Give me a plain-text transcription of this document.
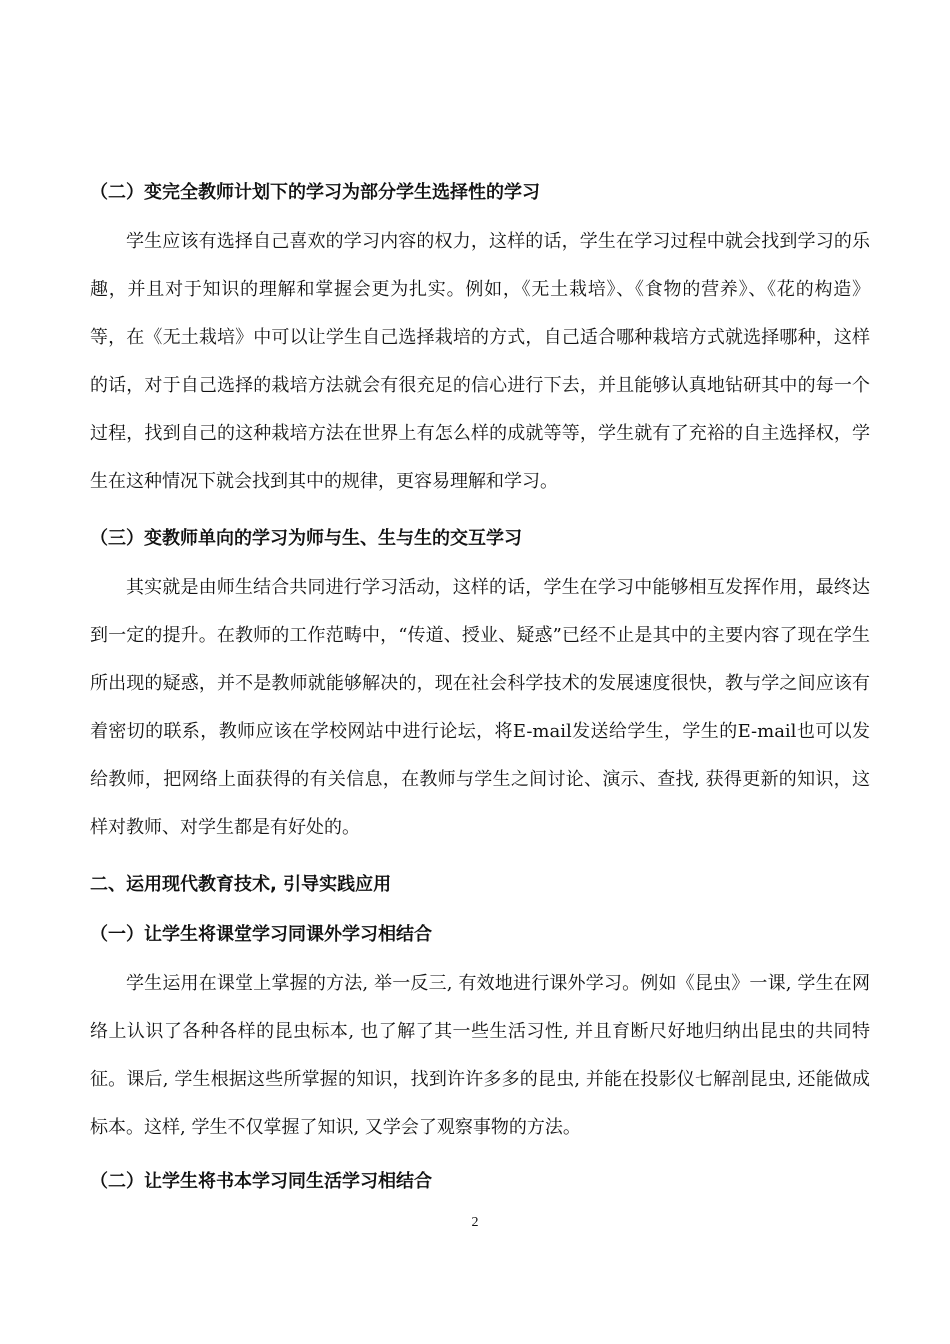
（二）变完全教师计划下的学习为部分学生选择性的学习
学生应该有选择自己喜欢的学习内容的权力，这样的话，学生在学习过程中就会找到学习的乐趣，并且对于知识的理解和掌握会更为扎实。例如，《无土栽培》、《食物的营养》、《花的构造》等，在《无土栽培》中可以让学生自己选择栽培的方式，自己适合哪种栽培方式就选择哪种，这样的话，对于自己选择的栽培方法就会有很充足的信心进行下去，并且能够认真地钻研其中的每一个过程，找到自己的这种栽培方法在世界上有怎么样的成就等等，学生就有了充裕的自主选择权，学生在这种情况下就会找到其中的规律，更容易理解和学习。
（三）变教师单向的学习为师与生、生与生的交互学习
其实就是由师生结合共同进行学习活动，这样的话，学生在学习中能够相互发挥作用，最终达到一定的提升。在教师的工作范畴中，“传道、授业、疑惑”已经不止是其中的主要内容了现在学生所出现的疑惑，并不是教师就能够解决的，现在社会科学技术的发展速度很快，教与学之间应该有着密切的联系，教师应该在学校网站中进行论坛，将E-mail发送给学生，学生的E-mail也可以发给教师，把网络上面获得的有关信息，在教师与学生之间讨论、演示、查找, 获得更新的知识，这样对教师、对学生都是有好处的。
二、运用现代教育技术, 引导实践应用
（一）让学生将课堂学习同课外学习相结合
学生运用在课堂上掌握的方法, 举一反三, 有效地进行课外学习。例如《昆虫》一课, 学生在网络上认识了各种各样的昆虫标本, 也了解了其一些生活习性, 并且育断尺好地归纳出昆虫的共同特征。课后, 学生根据这些所掌握的知识，找到许许多多的昆虫, 并能在投影仪七解剖昆虫, 还能做成标本。这样, 学生不仅掌握了知识, 又学会了观察事物的方法。
（二）让学生将书本学习同生活学习相结合
2
